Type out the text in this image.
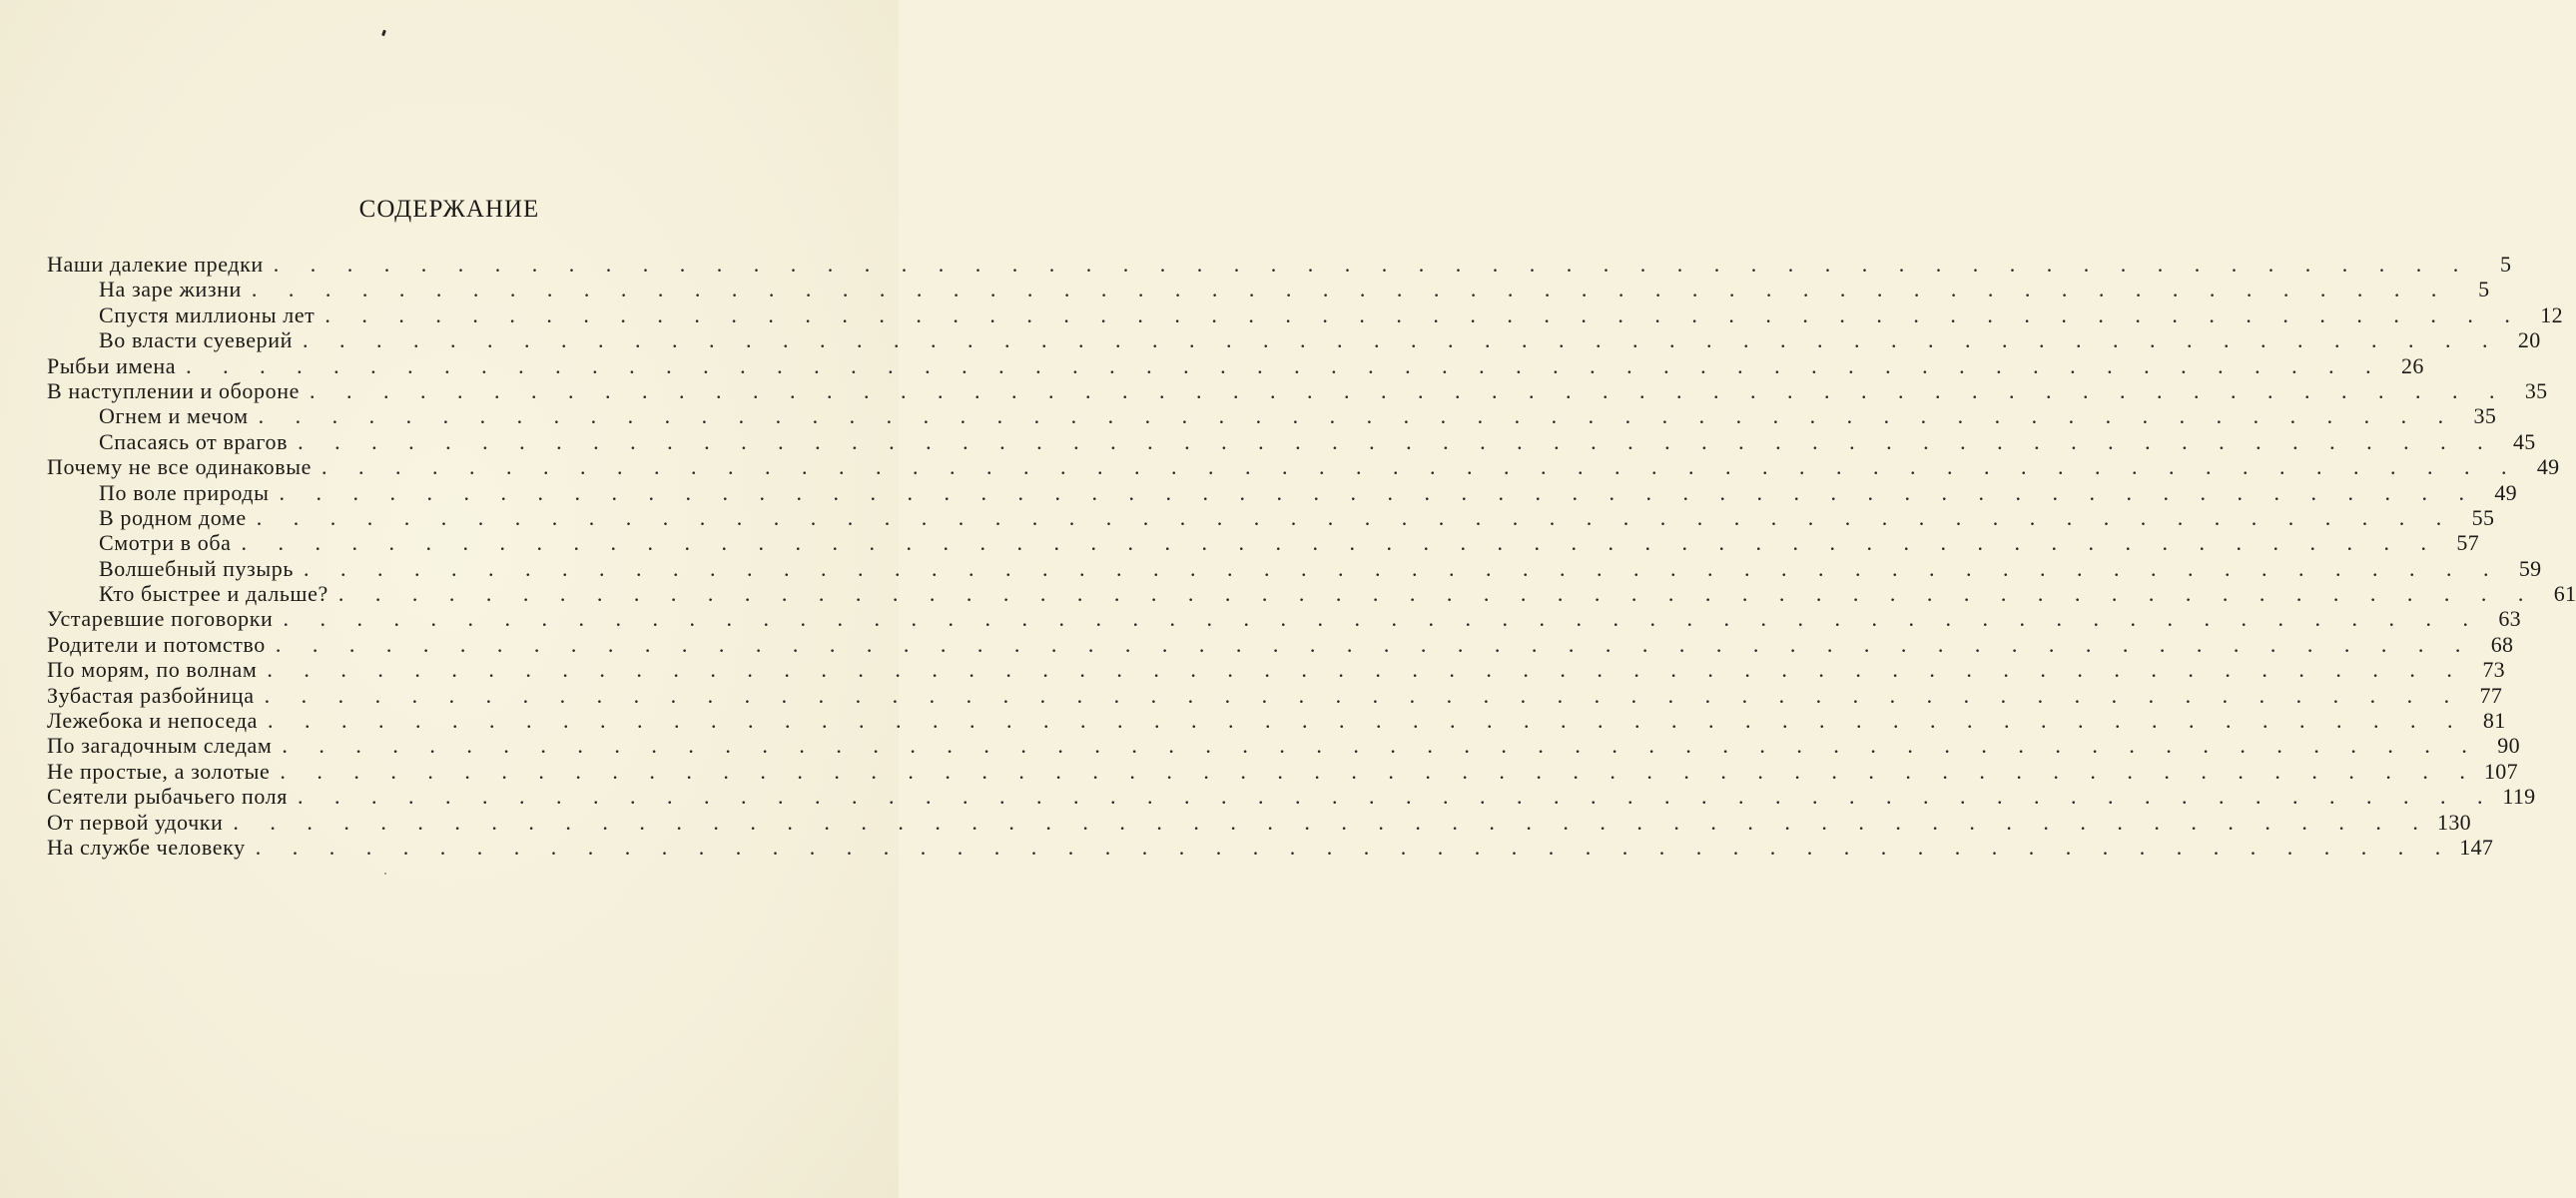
СОДЕРЖАНИЕ
Наши далекие предки . . . . . . . . . . . . . . . . . . . . . . . . . . . . . . . . . . . . . . . . . . . . . . . . . . . . . . . . . . . .	5
На заре жизни . . . . . . . . . . . . . . . . . . . . . . . . . . . . . . . . . . . . . . . . . . . . . . . . . . . . . . . . . . . .	5
Спустя миллионы лет . . . . . . . . . . . . . . . . . . . . . . . . . . . . . . . . . . . . . . . . . . . . . . . . . . . . . . . . . . . . 12
Во власти суеверий . . . . . . . . . . . . . . . . . . . . . . . . . . . . . . . . . . . . . . . . . . . . . . . . . . . . . . . . . . . . 20
Рыбьи имена . . . . . . . . . . . . . . . . . . . . . . . . . . . . . . . . . . . . . . . . . . . . . . . . . . . . . . . . . . . . 26
В наступлении и обороне . . . . . . . . . . . . . . . . . . . . . . . . . . . . . . . . . . . . . . . . . . . . . . . . . . . . . . . . . . . . 35
Огнем и мечом . . . . . . . . . . . . . . . . . . . . . . . . . . . . . . . . . . . . . . . . . . . . . . . . . . . . . . . . . . . . 35
Спасаясь от врагов . . . . . . . . . . . . . . . . . . . . . . . . . . . . . . . . . . . . . . . . . . . . . . . . . . . . . . . . . . . . 45
Почему не все одинаковые . . . . . . . . . . . . . . . . . . . . . . . . . . . . . . . . . . . . . . . . . . . . . . . . . . . . . . . . . . . . 49
По воле природы . . . . . . . . . . . . . . . . . . . . . . . . . . . . . . . . . . . . . . . . . . . . . . . . . . . . . . . . . . . . 49
В родном доме . . . . . . . . . . . . . . . . . . . . . . . . . . . . . . . . . . . . . . . . . . . . . . . . . . . . . . . . . . . . 55
Смотри в оба . . . . . . . . . . . . . . . . . . . . . . . . . . . . . . . . . . . . . . . . . . . . . . . . . . . . . . . . . . . . 57
Волшебный пузырь . . . . . . . . . . . . . . . . . . . . . . . . . . . . . . . . . . . . . . . . . . . . . . . . . . . . . . . . . . . . 59
Кто быстрее и дальше? . . . . . . . . . . . . . . . . . . . . . . . . . . . . . . . . . . . . . . . . . . . . . . . . . . . . . . . . . . . . 61
Устаревшие поговорки . . . . . . . . . . . . . . . . . . . . . . . . . . . . . . . . . . . . . . . . . . . . . . . . . . . . . . . . . . . . 63
Родители и потомство . . . . . . . . . . . . . . . . . . . . . . . . . . . . . . . . . . . . . . . . . . . . . . . . . . . . . . . . . . . . 68
По морям, по волнам . . . . . . . . . . . . . . . . . . . . . . . . . . . . . . . . . . . . . . . . . . . . . . . . . . . . . . . . . . . . 73
Зубастая разбойница . . . . . . . . . . . . . . . . . . . . . . . . . . . . . . . . . . . . . . . . . . . . . . . . . . . . . . . . . . . . 77
Лежебока и непоседа . . . . . . . . . . . . . . . . . . . . . . . . . . . . . . . . . . . . . . . . . . . . . . . . . . . . . . . . . . . . 81
По загадочным следам . . . . . . . . . . . . . . . . . . . . . . . . . . . . . . . . . . . . . . . . . . . . . . . . . . . . . . . . . . . . 90
Не простые, а золотые . . . . . . . . . . . . . . . . . . . . . . . . . . . . . . . . . . . . . . . . . . . . . . . . . . . . . . . . . . . . 107
Сеятели рыбачьего поля . . . . . . . . . . . . . . . . . . . . . . . . . . . . . . . . . . . . . . . . . . . . . . . . . . . . . . . . . . . . 119
От первой удочки . . . . . . . . . . . . . . . . . . . . . . . . . . . . . . . . . . . . . . . . . . . . . . . . . . . . . . . . . . . . 130
На службе человеку . . . . . . . . . . . . . . . . . . . . . . . . . . . . . . . . . . . . . . . . . . . . . . . . . . . . . . . . . . . . 147
